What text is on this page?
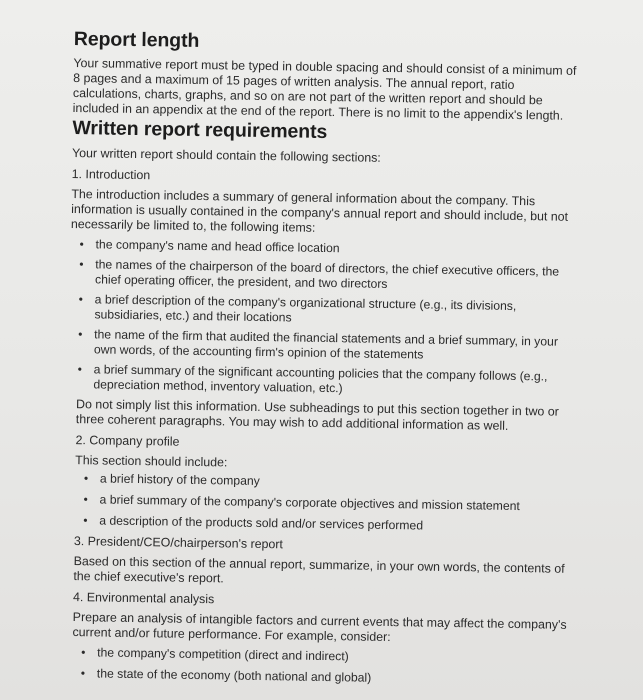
Report length

Your summative report must be typed in double spacing and should consist of a minimum of 8 pages and a maximum of 15 pages of written analysis. The annual report, ratio calculations, charts, graphs, and so on are not part of the written report and should be included in an appendix at the end of the report. There is no limit to the appendix's length.

Written report requirements

Your written report should contain the following sections:

1. Introduction

The introduction includes a summary of general information about the company. This information is usually contained in the company's annual report and should include, but not necessarily be limited to, the following items:

• the company's name and head office location
• the names of the chairperson of the board of directors, the chief executive officers, the chief operating officer, the president, and two directors
• a brief description of the company's organizational structure (e.g., its divisions, subsidiaries, etc.) and their locations
• the name of the firm that audited the financial statements and a brief summary, in your own words, of the accounting firm's opinion of the statements
• a brief summary of the significant accounting policies that the company follows (e.g., depreciation method, inventory valuation, etc.)

Do not simply list this information. Use subheadings to put this section together in two or three coherent paragraphs. You may wish to add additional information as well.

2. Company profile

This section should include:

• a brief history of the company
• a brief summary of the company's corporate objectives and mission statement
• a description of the products sold and/or services performed

3. President/CEO/chairperson's report

Based on this section of the annual report, summarize, in your own words, the contents of the chief executive's report.

4. Environmental analysis

Prepare an analysis of intangible factors and current events that may affect the company's current and/or future performance. For example, consider:

• the company's competition (direct and indirect)
• the state of the economy (both national and global)
